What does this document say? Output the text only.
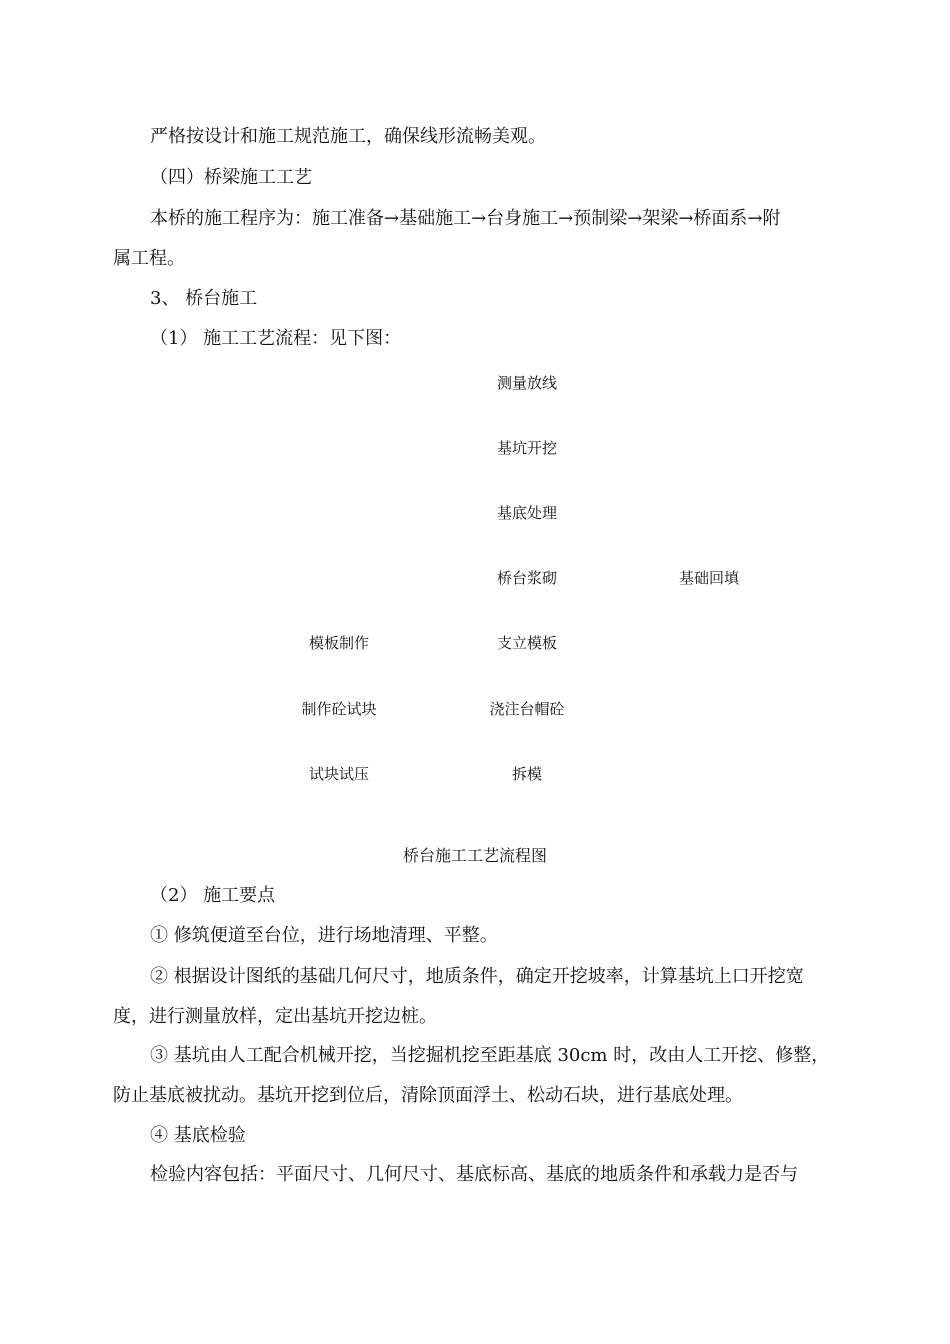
严格按设计和施工规范施工，确保线形流畅美观。
（四）桥梁施工工艺
本桥的施工程序为：施工准备→基础施工→台身施工→预制梁→架梁→桥面系→附
属工程。
3、 桥台施工
（1） 施工工艺流程：见下图：
测量放线
基坑开挖
基底处理
桥台浆砌
支立模板
浇注台帽砼
拆模
模板制作
制作砼试块
试块试压
基础回填
桥台施工工艺流程图
（2） 施工要点
① 修筑便道至台位，进行场地清理、平整。
② 根据设计图纸的基础几何尺寸，地质条件，确定开挖坡率，计算基坑上口开挖宽
度，进行测量放样，定出基坑开挖边桩。
③ 基坑由人工配合机械开挖，当挖掘机挖至距基底 30cm 时，改由人工开挖、修整，
防止基底被扰动。基坑开挖到位后，清除顶面浮土、松动石块，进行基底处理。
④ 基底检验
检验内容包括：平面尺寸、几何尺寸、基底标高、基底的地质条件和承载力是否与
